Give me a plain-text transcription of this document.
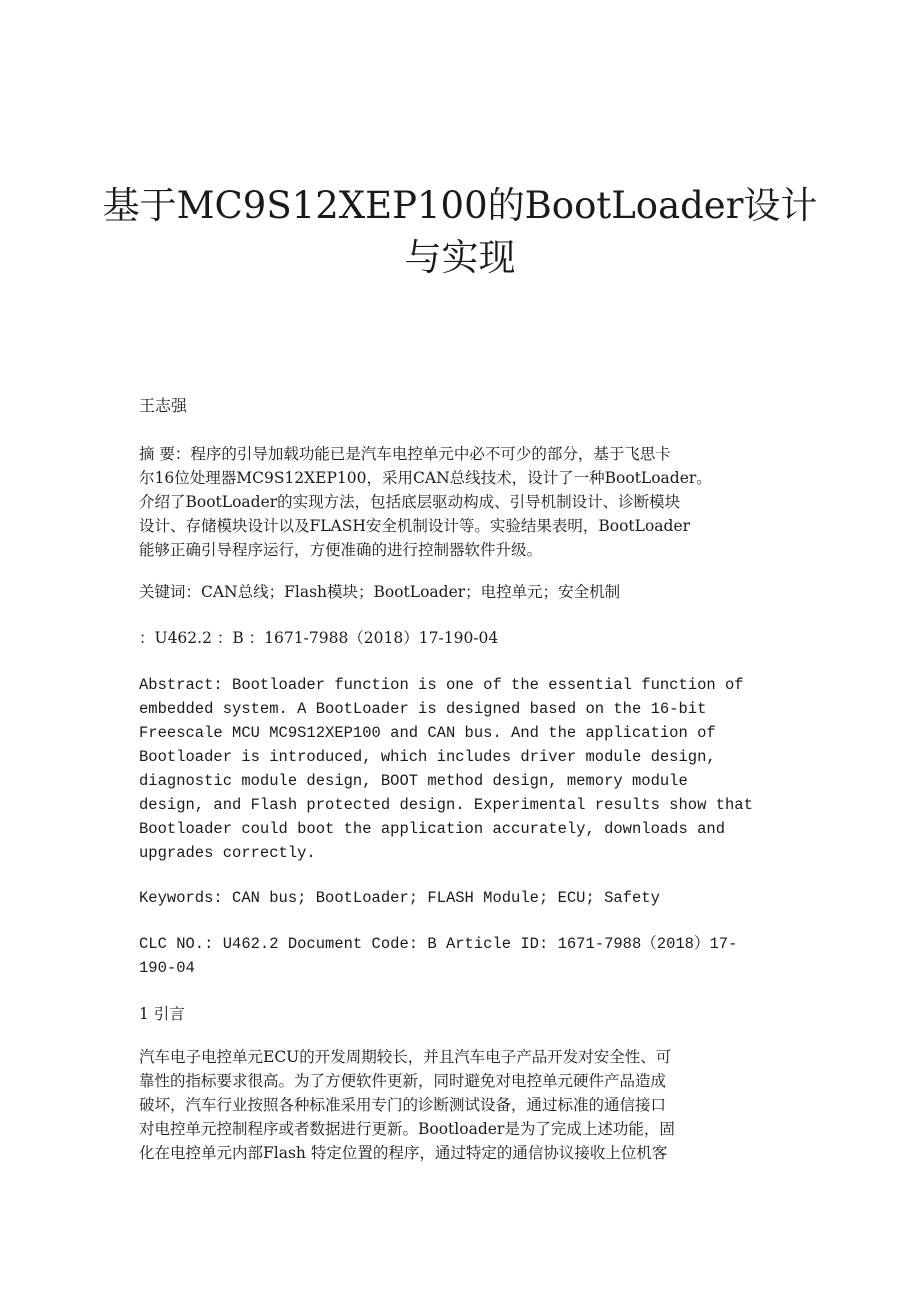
基于MC9S12XEP100的BootLoader设计
与实现

王志强

摘 要：程序的引导加载功能已是汽车电控单元中必不可少的部分，基于飞思卡
尔16位处理器MC9S12XEP100，采用CAN总线技术，设计了一种BootLoader。
介绍了BootLoader的实现方法，包括底层驱动构成、引导机制设计、诊断模块
设计、存储模块设计以及FLASH安全机制设计等。实验结果表明，BootLoader
能够正确引导程序运行，方便准确的进行控制器软件升级。

关键词：CAN总线；Flash模块；BootLoader；电控单元；安全机制

：U462.2 ：B ：1671-7988（2018）17-190-04

Abstract: Bootloader function is one of the essential function of
embedded system. A BootLoader is designed based on the 16-bit
Freescale MCU MC9S12XEP100 and CAN bus. And the application of
Bootloader is introduced, which includes driver module design,
diagnostic module design, BOOT method design, memory module
design, and Flash protected design. Experimental results show that
Bootloader could boot the application accurately, downloads and
upgrades correctly.

Keywords: CAN bus; BootLoader; FLASH Module; ECU; Safety

CLC NO.: U462.2 Document Code: B Article ID: 1671-7988（2018）17-
190-04

1 引言

汽车电子电控单元ECU的开发周期较长，并且汽车电子产品开发对安全性、可
靠性的指标要求很高。为了方便软件更新，同时避免对电控单元硬件产品造成
破坏，汽车行业按照各种标准采用专门的诊断测试设备，通过标准的通信接口
对电控单元控制程序或者数据进行更新。Bootloader是为了完成上述功能，固
化在电控单元内部Flash 特定位置的程序，通过特定的通信协议接收上位机客
